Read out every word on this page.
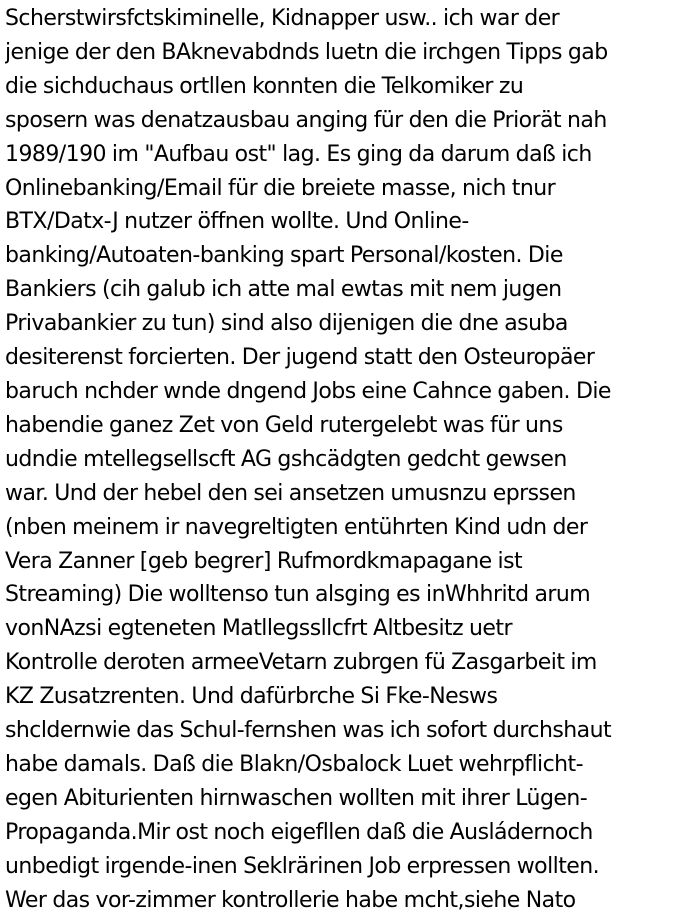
Scherstwirsfctskiminelle, Kidnapper usw.. ich war der
jenige der den BAknevabdnds luetn die irchgen Tipps gab
die sichduchaus ortllen konnten die Telkomiker zu
sposern was denatzausbau anging für den die Priorät nah
1989/190 im "Aufbau ost" lag. Es ging da darum daß ich
Onlinebanking/Email für die breiete masse, nich tnur
BTX/Datx-J nutzer öffnen wollte. Und Online-
banking/Autoaten-banking spart Personal/kosten. Die
Bankiers (cih galub ich atte mal ewtas mit nem jugen
Privabankier zu tun) sind also dijenigen die dne asuba
desiterenst forcierten. Der jugend statt den Osteuropäer
baruch nchder wnde dngend Jobs eine Cahnce gaben. Die
habendie ganez Zet von Geld rutergelebt was für uns
udndie mtellegsellscft AG gshcädgten gedcht gewsen
war. Und der hebel den sei ansetzen umusnzu eprssen
(nben meinem ir navegreltigten entührten Kind udn der
Vera Zanner [geb begrer] Rufmordkmapagane ist
Streaming) Die wolltenso tun alsging es inWhhritd arum
vonNAzsi egteneten Matllegssllcfrt Altbesitz uetr
Kontrolle deroten armeeVetarn zubrgen fü Zasgarbeit im
KZ Zusatzrenten. Und dafürbrche Si Fke-Nesws
shcldernwie das Schul-fernshen was ich sofort durchshaut
habe damals. Daß die Blakn/Osbalock Luet wehrpflicht-
egen Abiturienten hirnwaschen wollten mit ihrer Lügen-
Propaganda.Mir ost noch eigefllen daß die Ausládernoch
unbedigt irgende-inen Seklrärinen Job erpressen wollten.
Wer das vor-zimmer kontrollerie habe mcht,siehe Nato
